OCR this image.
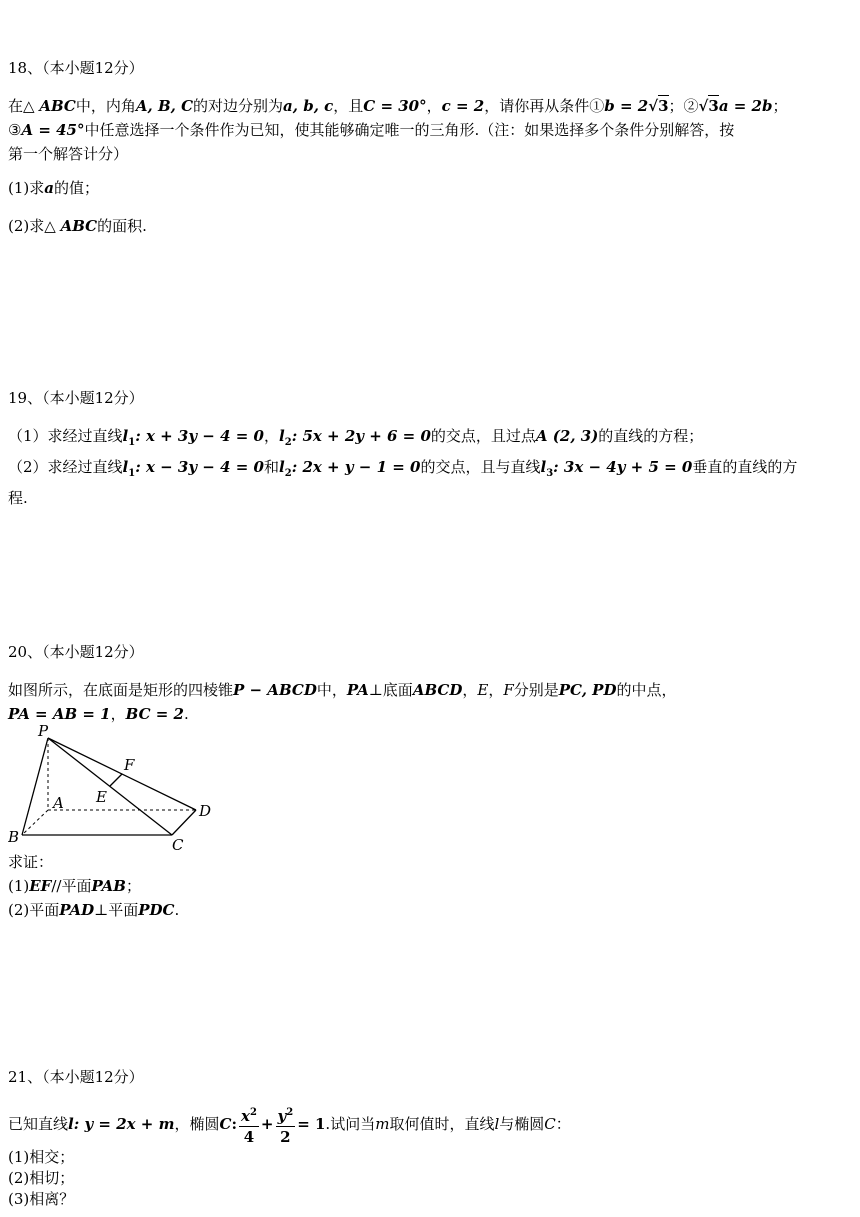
18、（本小题12分）
在△ ABC中，内角A, B, C的对边分别为a, b, c，且C = 30°，c = 2，请你再从条件①b = 2√3；②√3a = 2b；
③A = 45°中任意选择一个条件作为已知，使其能够确定唯一的三角形.（注：如果选择多个条件分别解答，按
第一个解答计分）
(1)求a的值；
(2)求△ ABC的面积.
19、（本小题12分）
（1）求经过直线$l_1$: x + 3y − 4 = 0，$l_2$: 5x + 2y + 6 = 0的交点，且过点A (2, 3)的直线的方程；
（2）求经过直线$l_1$: x − 3y − 4 = 0和$l_2$: 2x + y − 1 = 0的交点，且与直线$l_3$: 3x − 4y + 5 = 0垂直的直线的方
程.
20、（本小题12分）
如图所示，在底面是矩形的四棱锥P − ABCD中，PA⊥底面ABCD，E，F分别是PC, PD的中点，
PA = AB = 1，BC = 2.
P
F
E
A	D
B	C
求证：
(1)EF//平面PAB；
(2)平面PAD⊥平面PDC.
21、（本小题12分）
已知直线l: y = 2x + m，椭圆C: $\frac{x^2}{4} + \frac{y^2}{2} = 1$.试问当m取何值时，直线l与椭圆C：
(1)相交；
(2)相切；
(3)相离？
